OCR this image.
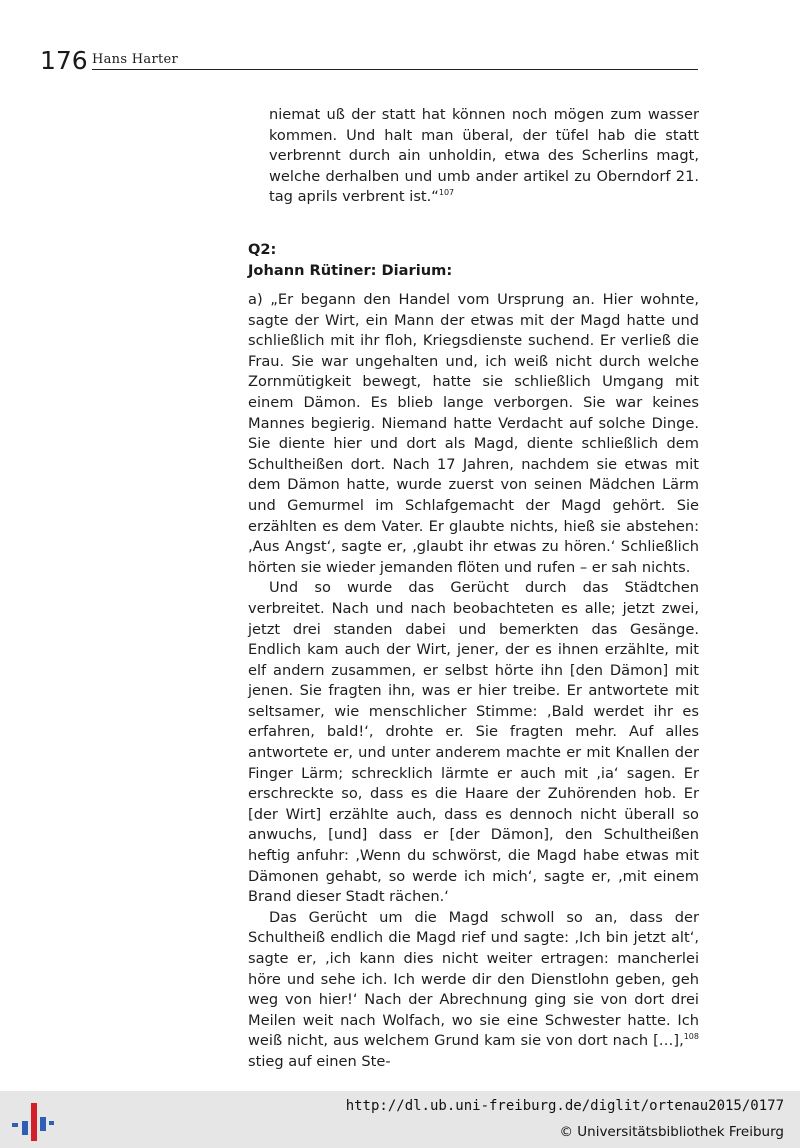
176 Hans Harter
niemat uß der statt hat können noch mögen zum wasser kommen. Und halt man überal, der tüfel hab die statt verbrennt durch ain unholdin, etwa des Scherlins magt, welche derhalben und umb ander artikel zu Oberndorf 21. tag aprils verbrent ist.“$^{107}$
Q2:
Johann Rütiner: Diarium:

a) „Er begann den Handel vom Ursprung an. Hier wohnte, sagte der Wirt, ein Mann der etwas mit der Magd hatte und schließlich mit ihr floh, Kriegsdienste suchend. Er verließ die Frau. Sie war ungehalten und, ich weiß nicht durch welche Zornmütigkeit bewegt, hatte sie schließlich Umgang mit einem Dämon. Es blieb lange verborgen. Sie war keines Mannes begierig. Niemand hatte Verdacht auf solche Dinge. Sie diente hier und dort als Magd, diente schließlich dem Schultheißen dort. Nach 17 Jahren, nachdem sie etwas mit dem Dämon hatte, wurde zuerst von seinen Mädchen Lärm und Gemurmel im Schlafgemacht der Magd gehört. Sie erzählten es dem Vater. Er glaubte nichts, hieß sie abstehen: ‚Aus Angst‘, sagte er, ‚glaubt ihr etwas zu hören.‘ Schließlich hörten sie wieder jemanden flöten und rufen – er sah nichts.

Und so wurde das Gerücht durch das Städtchen verbreitet. Nach und nach beobachteten es alle; jetzt zwei, jetzt drei standen dabei und bemerkten das Gesänge. Endlich kam auch der Wirt, jener, der es ihnen erzählte, mit elf andern zusammen, er selbst hörte ihn [den Dämon] mit jenen. Sie fragten ihn, was er hier treibe. Er antwortete mit seltsamer, wie menschlicher Stimme: ‚Bald werdet ihr es erfahren, bald!‘, drohte er. Sie fragten mehr. Auf alles antwortete er, und unter anderem machte er mit Knallen der Finger Lärm; schrecklich lärmte er auch mit ‚ia‘ sagen. Er erschreckte so, dass es die Haare der Zuhörenden hob. Er [der Wirt] erzählte auch, dass es dennoch nicht überall so anwuchs, [und] dass er [der Dämon], den Schultheißen heftig anfuhr: ‚Wenn du schwörst, die Magd habe etwas mit Dämonen gehabt, so werde ich mich‘, sagte er, ‚mit einem Brand dieser Stadt rächen.‘

Das Gerücht um die Magd schwoll so an, dass der Schultheiß endlich die Magd rief und sagte: ‚Ich bin jetzt alt‘, sagte er, ‚ich kann dies nicht weiter ertragen: mancherlei höre und sehe ich. Ich werde dir den Dienstlohn geben, geh weg von hier!‘ Nach der Abrechnung ging sie von dort drei Meilen weit nach Wolfach, wo sie eine Schwester hatte. Ich weiß nicht, aus welchem Grund kam sie von dort nach […],$^{108}$ stieg auf einen Ste-

http://dl.ub.uni-freiburg.de/diglit/ortenau2015/0177
© Universitätsbibliothek Freiburg
